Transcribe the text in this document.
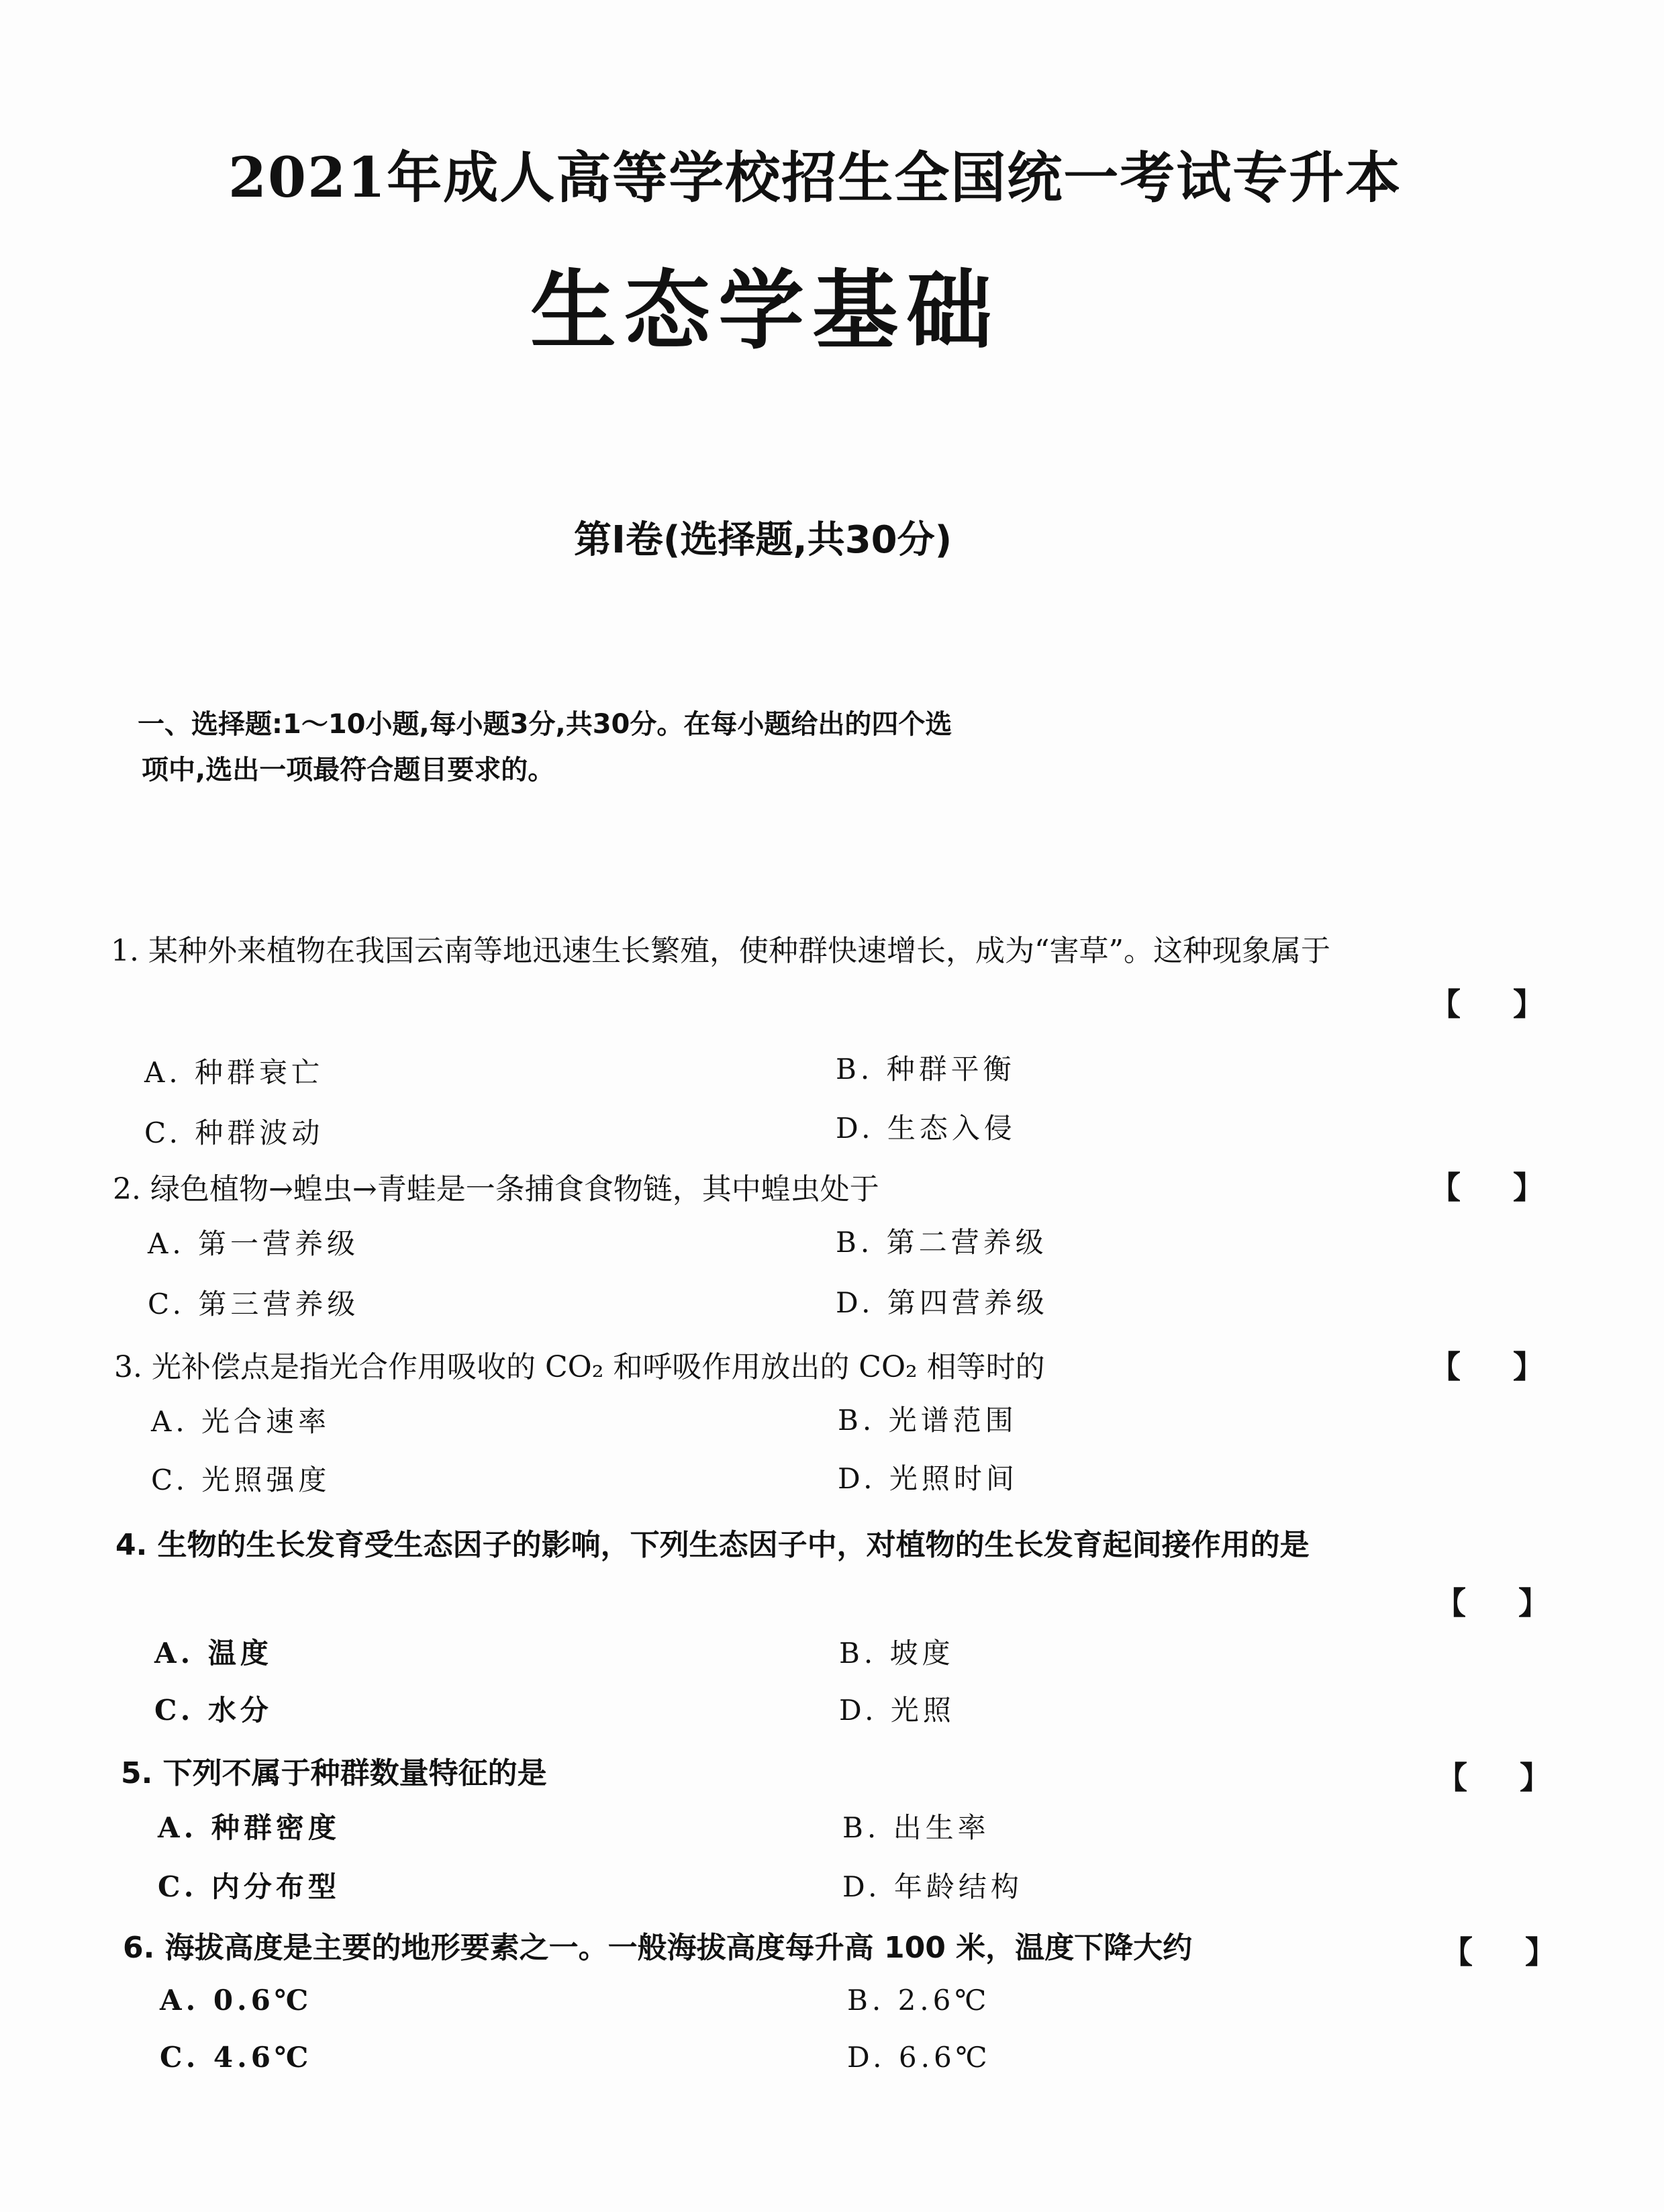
2021年成人高等学校招生全国统一考试专升本
生态学基础
第Ⅰ卷(选择题,共30分)
一、选择题:1～10小题,每小题3分,共30分。在每小题给出的四个选
项中,选出一项最符合题目要求的。
1. 某种外来植物在我国云南等地迅速生长繁殖，使种群快速增长，成为“害草”。这种现象属于
【 】
A. 种群衰亡	B. 种群平衡
C. 种群波动	D. 生态入侵
2. 绿色植物→蝗虫→青蛙是一条捕食食物链，其中蝗虫处于	【 】
A. 第一营养级	B. 第二营养级
C. 第三营养级	D. 第四营养级
3. 光补偿点是指光合作用吸收的 CO₂ 和呼吸作用放出的 CO₂ 相等时的	【 】
A. 光合速率	B. 光谱范围
C. 光照强度	D. 光照时间
4. 生物的生长发育受生态因子的影响，下列生态因子中，对植物的生长发育起间接作用的是
【 】
A. 温度	B. 坡度
C. 水分	D. 光照
5. 下列不属于种群数量特征的是	【 】
A. 种群密度	B. 出生率
C. 内分布型	D. 年龄结构
6. 海拔高度是主要的地形要素之一。一般海拔高度每升高 100 米，温度下降大约	【 】
A. 0.6℃	B. 2.6℃
C. 4.6℃	D. 6.6℃
